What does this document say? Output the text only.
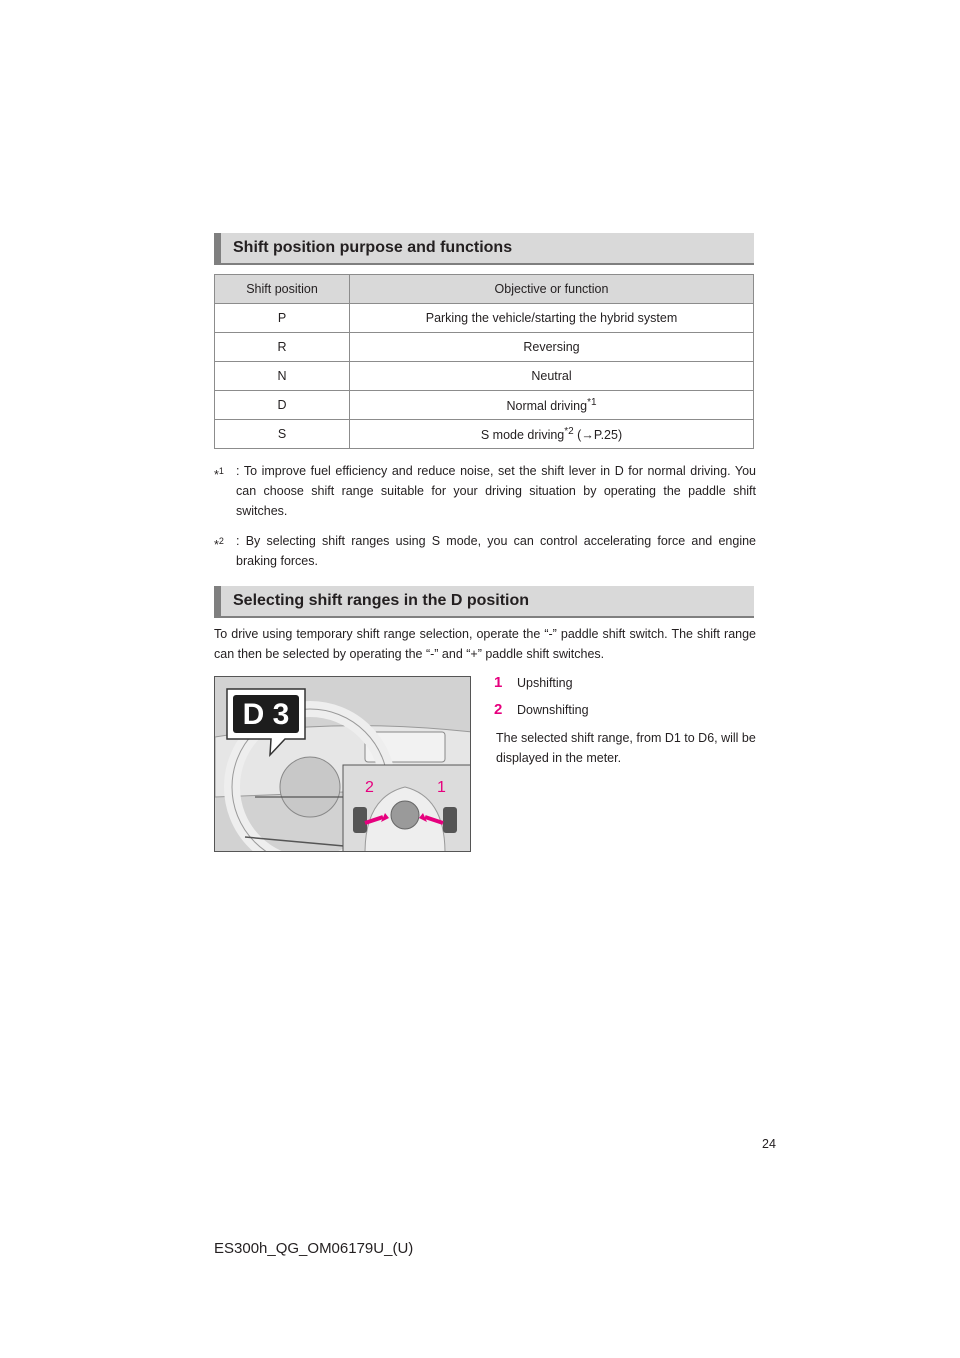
Shift position purpose and functions
Shift position	Objective or function
P	Parking the vehicle/starting the hybrid system
R	Reversing
N	Neutral
D	Normal driving$^{*1}$
S	S mode driving$^{*2}$ (→P.25)
*$^1$ : To improve fuel efficiency and reduce noise, set the shift lever in D for normal driving. You can choose shift range suitable for your driving situation by operating the paddle shift switches.
*$^2$ : By selecting shift ranges using S mode, you can control accelerating force and engine braking forces.
Selecting shift ranges in the D position
To drive using temporary shift range selection, operate the “-” paddle shift switch. The shift range can then be selected by operating the “-” and “+” paddle shift switches.
D 3
2	1
1	Upshifting
2	Downshifting
The selected shift range, from D1 to D6, will be displayed in the meter.
24
ES300h_QG_OM06179U_(U)
